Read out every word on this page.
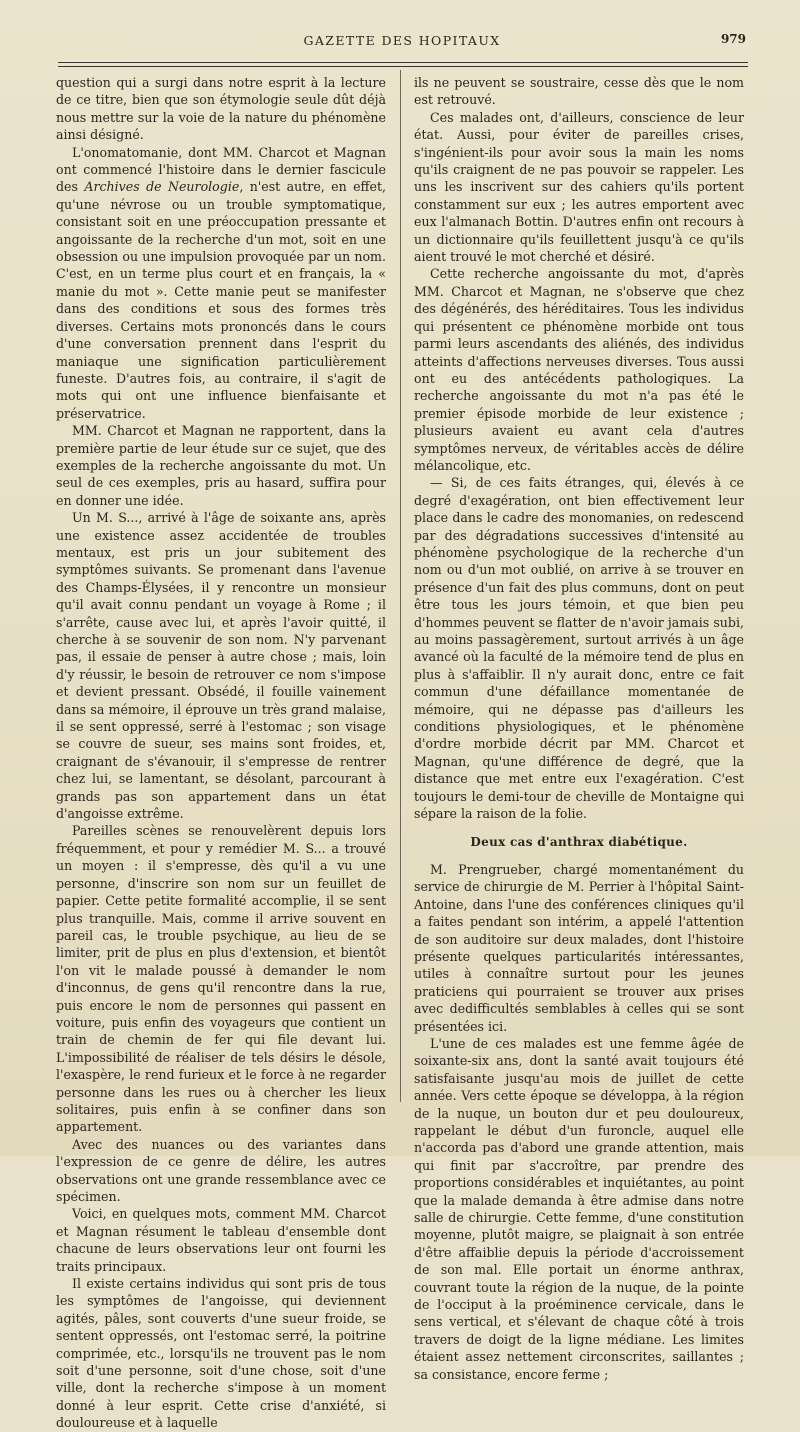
GAZETTE DES HOPITAUX	979

question qui a surgi dans notre esprit à la lecture de ce titre, bien que son étymologie seule dût déjà nous mettre sur la voie de la nature du phénomène ainsi désigné.

L'onomatomanie, dont MM. Charcot et Magnan ont commencé l'histoire dans le dernier fascicule des Archives de Neurologie, n'est autre, en effet, qu'une névrose ou un trouble symptomatique, consistant soit en une préoccupation pressante et angoissante de la recherche d'un mot, soit en une obsession ou une impulsion provoquée par un nom. C'est, en un terme plus court et en français, la « manie du mot ». Cette manie peut se manifester dans des conditions et sous des formes très diverses. Certains mots prononcés dans le cours d'une conversation prennent dans l'esprit du maniaque une signification particulièrement funeste. D'autres fois, au contraire, il s'agit de mots qui ont une influence bienfaisante et préservatrice.

MM. Charcot et Magnan ne rapportent, dans la première partie de leur étude sur ce sujet, que des exemples de la recherche angoissante du mot. Un seul de ces exemples, pris au hasard, suffira pour en donner une idée.

Un M. S..., arrivé à l'âge de soixante ans, après une existence assez accidentée de troubles mentaux, est pris un jour subitement des symptômes suivants. Se promenant dans l'avenue des Champs-Élysées, il y rencontre un monsieur qu'il avait connu pendant un voyage à Rome ; il s'arrête, cause avec lui, et après l'avoir quitté, il cherche à se souvenir de son nom. N'y parvenant pas, il essaie de penser à autre chose ; mais, loin d'y réussir, le besoin de retrouver ce nom s'impose et devient pressant. Obsédé, il fouille vainement dans sa mémoire, il éprouve un très grand malaise, il se sent oppressé, serré à l'estomac ; son visage se couvre de sueur, ses mains sont froides, et, craignant de s'évanouir, il s'empresse de rentrer chez lui, se lamentant, se désolant, parcourant à grands pas son appartement dans un état d'angoisse extrême.

Pareilles scènes se renouvelèrent depuis lors fréquemment, et pour y remédier M. S... a trouvé un moyen : il s'empresse, dès qu'il a vu une personne, d'inscrire son nom sur un feuillet de papier. Cette petite formalité accomplie, il se sent plus tranquille. Mais, comme il arrive souvent en pareil cas, le trouble psychique, au lieu de se limiter, prit de plus en plus d'extension, et bientôt l'on vit le malade poussé à demander le nom d'inconnus, de gens qu'il rencontre dans la rue, puis encore le nom de personnes qui passent en voiture, puis enfin des voyageurs que contient un train de chemin de fer qui file devant lui. L'impossibilité de réaliser de tels désirs le désole, l'exaspère, le rend furieux et le force à ne regarder personne dans les rues ou à chercher les lieux solitaires, puis enfin à se confiner dans son appartement.

Avec des nuances ou des variantes dans l'expression de ce genre de délire, les autres observations ont une grande ressemblance avec ce spécimen.

Voici, en quelques mots, comment MM. Charcot et Magnan résument le tableau d'ensemble dont chacune de leurs observations leur ont fourni les traits principaux.

Il existe certains individus qui sont pris de tous les symptômes de l'angoisse, qui deviennent agités, pâles, sont couverts d'une sueur froide, se sentent oppressés, ont l'estomac serré, la poitrine comprimée, etc., lorsqu'ils ne trouvent pas le nom soit d'une personne, soit d'une chose, soit d'une ville, dont la recherche s'impose à un moment donné à leur esprit. Cette crise d'anxiété, si douloureuse et à laquelle

ils ne peuvent se soustraire, cesse dès que le nom est retrouvé.

Ces malades ont, d'ailleurs, conscience de leur état. Aussi, pour éviter de pareilles crises, s'ingénient-ils pour avoir sous la main les noms qu'ils craignent de ne pas pouvoir se rappeler. Les uns les inscrivent sur des cahiers qu'ils portent constamment sur eux ; les autres emportent avec eux l'almanach Bottin. D'autres enfin ont recours à un dictionnaire qu'ils feuillettent jusqu'à ce qu'ils aient trouvé le mot cherché et désiré.

Cette recherche angoissante du mot, d'après MM. Charcot et Magnan, ne s'observe que chez des dégénérés, des héréditaires. Tous les individus qui présentent ce phénomène morbide ont tous parmi leurs ascendants des aliénés, des individus atteints d'affections nerveuses diverses. Tous aussi ont eu des antécédents pathologiques. La recherche angoissante du mot n'a pas été le premier épisode morbide de leur existence ; plusieurs avaient eu avant cela d'autres symptômes nerveux, de véritables accès de délire mélancolique, etc.

— Si, de ces faits étranges, qui, élevés à ce degré d'exagération, ont bien effectivement leur place dans le cadre des monomanies, on redescend par des dégradations successives d'intensité au phénomène psychologique de la recherche d'un nom ou d'un mot oublié, on arrive à se trouver en présence d'un fait des plus communs, dont on peut être tous les jours témoin, et que bien peu d'hommes peuvent se flatter de n'avoir jamais subi, au moins passagèrement, surtout arrivés à un âge avancé où la faculté de la mémoire tend de plus en plus à s'affaiblir. Il n'y aurait donc, entre ce fait commun d'une défaillance momentanée de mémoire, qui ne dépasse pas d'ailleurs les conditions physiologiques, et le phénomène d'ordre morbide décrit par MM. Charcot et Magnan, qu'une différence de degré, que la distance que met entre eux l'exagération. C'est toujours le demi-tour de cheville de Montaigne qui sépare la raison de la folie.

Deux cas d'anthrax diabétique.

M. Prengrueber, chargé momentanément du service de chirurgie de M. Perrier à l'hôpital Saint-Antoine, dans l'une des conférences cliniques qu'il a faites pendant son intérim, a appelé l'attention de son auditoire sur deux malades, dont l'histoire présente quelques particularités intéressantes, utiles à connaître surtout pour les jeunes praticiens qui pourraient se trouver aux prises avec dedifficultés semblables à celles qui se sont présentées ici.

L'une de ces malades est une femme âgée de soixante-six ans, dont la santé avait toujours été satisfaisante jusqu'au mois de juillet de cette année. Vers cette époque se développa, à la région de la nuque, un bouton dur et peu douloureux, rappelant le début d'un furoncle, auquel elle n'accorda pas d'abord une grande attention, mais qui finit par s'accroître, par prendre des proportions considérables et inquiétantes, au point que la malade demanda à être admise dans notre salle de chirurgie. Cette femme, d'une constitution moyenne, plutôt maigre, se plaignait à son entrée d'être affaiblie depuis la période d'accroissement de son mal. Elle portait un énorme anthrax, couvrant toute la région de la nuque, de la pointe de l'occiput à la proéminence cervicale, dans le sens vertical, et s'élevant de chaque côté à trois travers de doigt de la ligne médiane. Les limites étaient assez nettement circonscrites, saillantes ; sa consistance, encore ferme ;
